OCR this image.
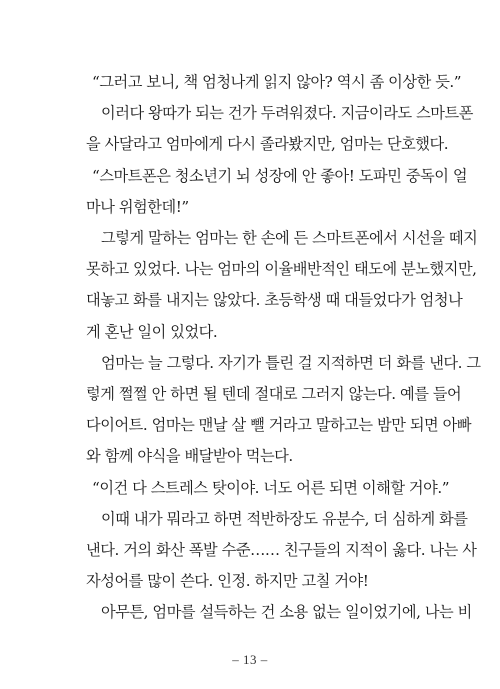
“그러고 보니, 책 엄청나게 읽지 않아? 역시 좀 이상한 듯.”
이러다 왕따가 되는 건가 두려워졌다. 지금이라도 스마트폰
을 사달라고 엄마에게 다시 졸라봤지만, 엄마는 단호했다.
“스마트폰은 청소년기 뇌 성장에 안 좋아! 도파민 중독이 얼
마나 위험한데!”
그렇게 말하는 엄마는 한 손에 든 스마트폰에서 시선을 떼지
못하고 있었다. 나는 엄마의 이율배반적인 태도에 분노했지만,
대놓고 화를 내지는 않았다. 초등학생 때 대들었다가 엄청나
게 혼난 일이 있었다.
엄마는 늘 그렇다. 자기가 틀린 걸 지적하면 더 화를 낸다. 그
렇게 쩔쩔 안 하면 될 텐데 절대로 그러지 않는다. 예를 들어
다이어트. 엄마는 맨날 살 뺄 거라고 말하고는 밤만 되면 아빠
와 함께 야식을 배달받아 먹는다.
“이건 다 스트레스 탓이야. 너도 어른 되면 이해할 거야.”
이때 내가 뭐라고 하면 적반하장도 유분수, 더 심하게 화를
낸다. 거의 화산 폭발 수준…… 친구들의 지적이 옳다. 나는 사
자성어를 많이 쓴다. 인정. 하지만 고칠 거야!
아무튼, 엄마를 설득하는 건 소용 없는 일이었기에, 나는 비
– 13 –
